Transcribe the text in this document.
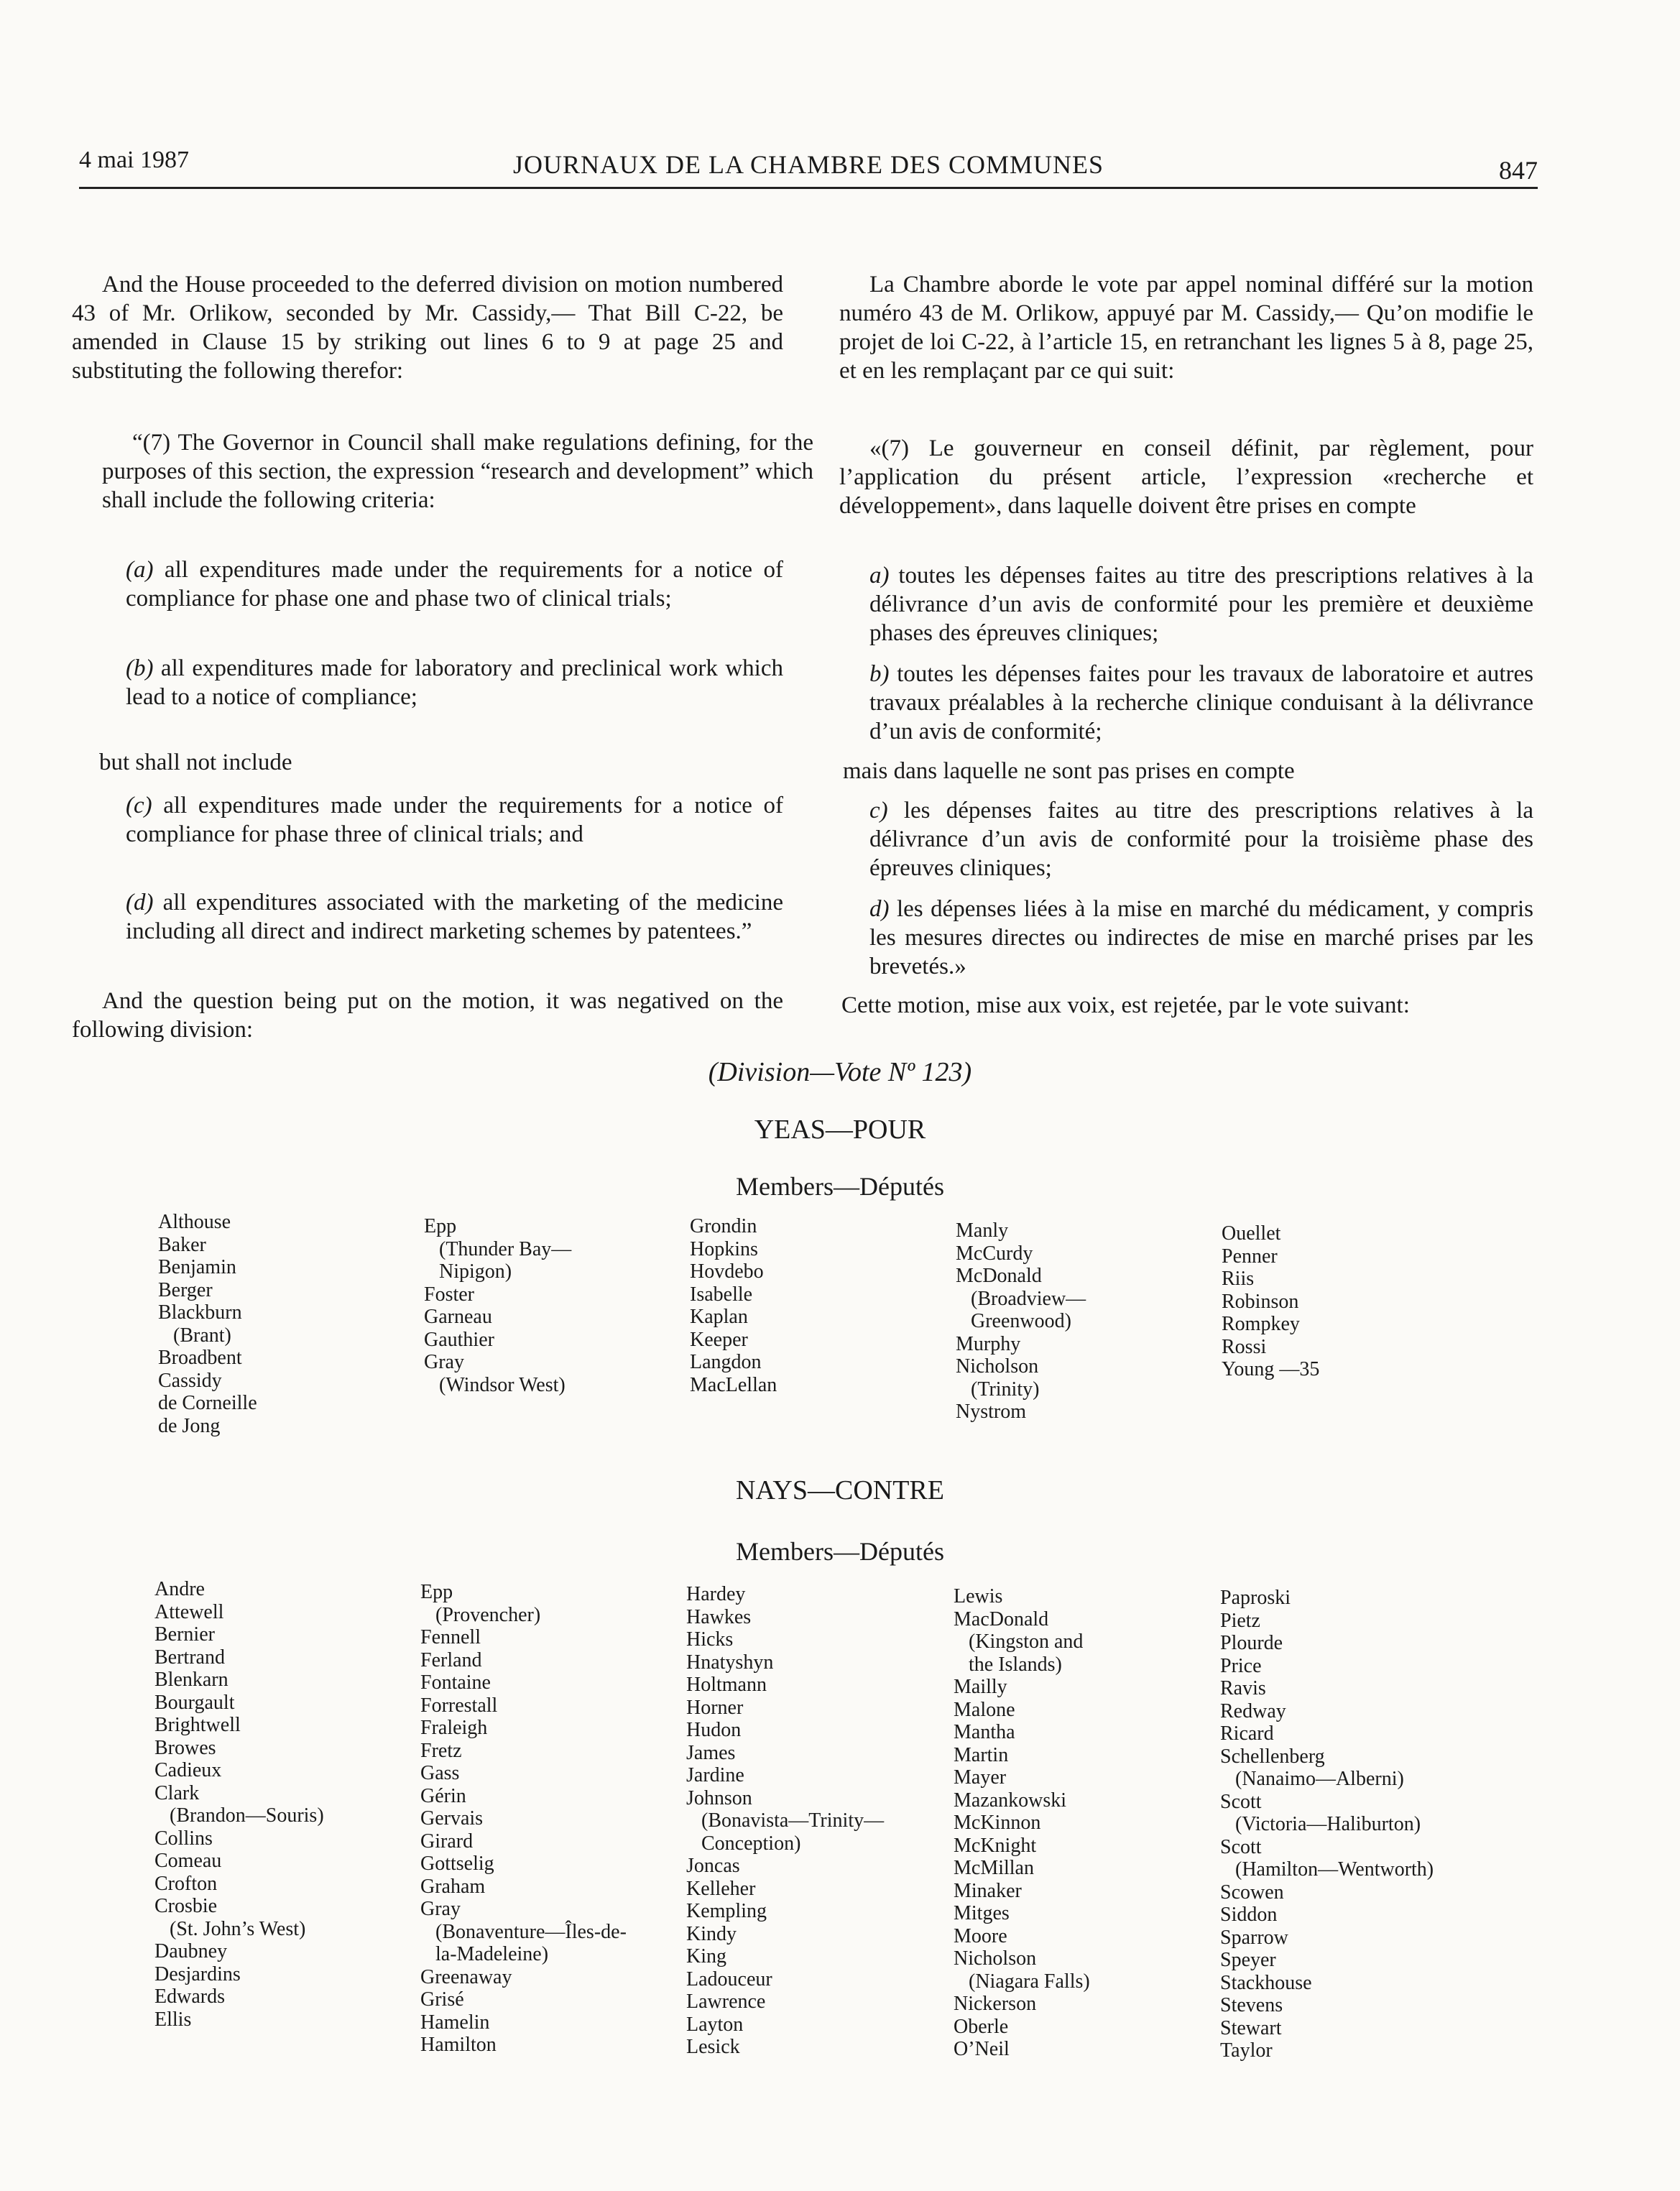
4 mai 1987	JOURNAUX DE LA CHAMBRE DES COMMUNES	847

And the House proceeded to the deferred division on motion numbered 43 of Mr. Orlikow, seconded by Mr. Cassidy,— That Bill C-22, be amended in Clause 15 by striking out lines 6 to 9 at page 25 and substituting the following therefor:

“(7) The Governor in Council shall make regulations defining, for the purposes of this section, the expression “research and development” which shall include the following criteria:

(a) all expenditures made under the requirements for a notice of compliance for phase one and phase two of clinical trials;

(b) all expenditures made for laboratory and preclinical work which lead to a notice of compliance;

but shall not include

(c) all expenditures made under the requirements for a notice of compliance for phase three of clinical trials; and

(d) all expenditures associated with the marketing of the medicine including all direct and indirect marketing schemes by patentees.”

And the question being put on the motion, it was negatived on the following division:

La Chambre aborde le vote par appel nominal différé sur la motion numéro 43 de M. Orlikow, appuyé par M. Cassidy,— Qu’on modifie le projet de loi C-22, à l’article 15, en retranchant les lignes 5 à 8, page 25, et en les remplaçant par ce qui suit:

«(7) Le gouverneur en conseil définit, par règlement, pour l’application du présent article, l’expression «recherche et développement», dans laquelle doivent être prises en compte

a) toutes les dépenses faites au titre des prescriptions relatives à la délivrance d’un avis de conformité pour les première et deuxième phases des épreuves cliniques;

b) toutes les dépenses faites pour les travaux de laboratoire et autres travaux préalables à la recherche clinique conduisant à la délivrance d’un avis de conformité;

mais dans laquelle ne sont pas prises en compte

c) les dépenses faites au titre des prescriptions relatives à la délivrance d’un avis de conformité pour la troisième phase des épreuves cliniques;

d) les dépenses liées à la mise en marché du médicament, y compris les mesures directes ou indirectes de mise en marché prises par les brevetés.»

Cette motion, mise aux voix, est rejetée, par le vote suivant:

(Division—Vote Nº 123)
YEAS—POUR
Members—Députés
Althouse
Baker
Benjamin
Berger
Blackburn
(Brant)
Broadbent
Cassidy
de Corneille
de Jong
Epp
(Thunder Bay—
Nipigon)
Foster
Garneau
Gauthier
Gray
(Windsor West)
Grondin
Hopkins
Hovdebo
Isabelle
Kaplan
Keeper
Langdon
MacLellan
Manly
McCurdy
McDonald
(Broadview—
Greenwood)
Murphy
Nicholson
(Trinity)
Nystrom
Ouellet
Penner
Riis
Robinson
Rompkey
Rossi
Young —35
NAYS—CONTRE
Members—Députés
Andre
Attewell
Bernier
Bertrand
Blenkarn
Bourgault
Brightwell
Browes
Cadieux
Clark
(Brandon—Souris)
Collins
Comeau
Crofton
Crosbie
(St. John’s West)
Daubney
Desjardins
Edwards
Ellis
Epp
(Provencher)
Fennell
Ferland
Fontaine
Forrestall
Fraleigh
Fretz
Gass
Gérin
Gervais
Girard
Gottselig
Graham
Gray
(Bonaventure—Îles-de-
la-Madeleine)
Greenaway
Grisé
Hamelin
Hamilton
Hardey
Hawkes
Hicks
Hnatyshyn
Holtmann
Horner
Hudon
James
Jardine
Johnson
(Bonavista—Trinity—
Conception)
Joncas
Kelleher
Kempling
Kindy
King
Ladouceur
Lawrence
Layton
Lesick
Lewis
MacDonald
(Kingston and
the Islands)
Mailly
Malone
Mantha
Martin
Mayer
Mazankowski
McKinnon
McKnight
McMillan
Minaker
Mitges
Moore
Nicholson
(Niagara Falls)
Nickerson
Oberle
O’Neil
Paproski
Pietz
Plourde
Price
Ravis
Redway
Ricard
Schellenberg
(Nanaimo—Alberni)
Scott
(Victoria—Haliburton)
Scott
(Hamilton—Wentworth)
Scowen
Siddon
Sparrow
Speyer
Stackhouse
Stevens
Stewart
Taylor
